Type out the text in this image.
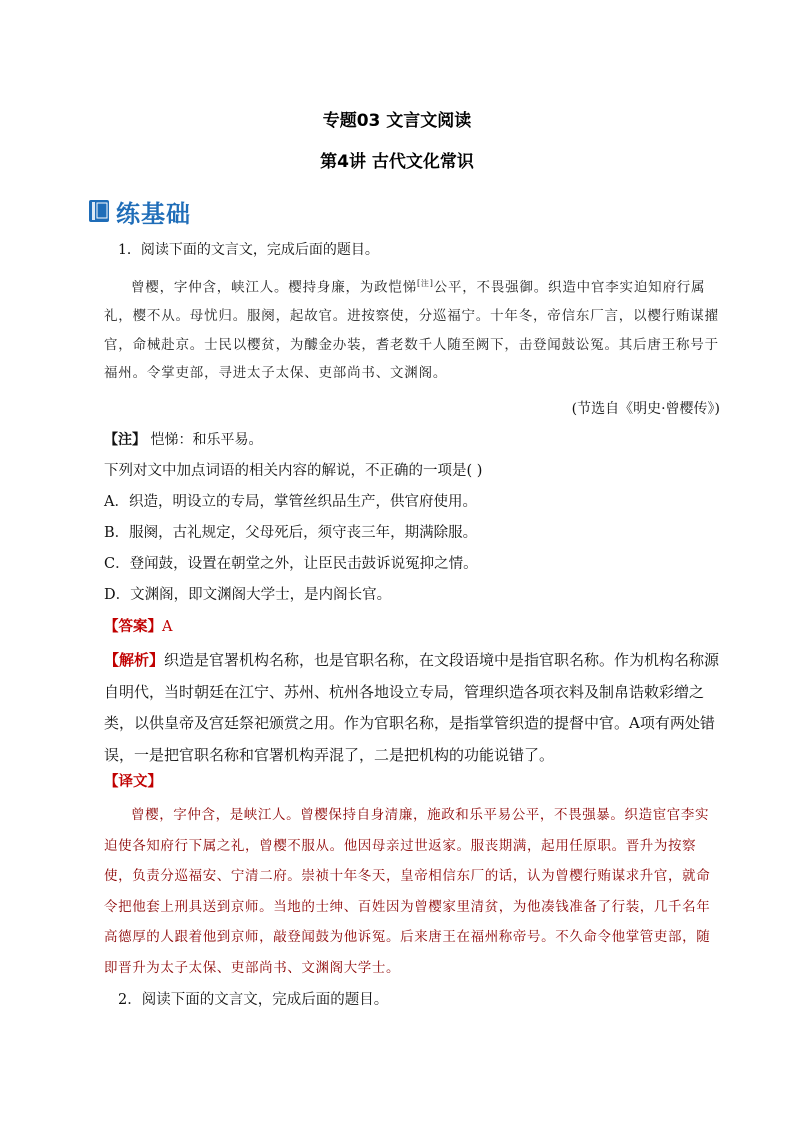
专题03 文言文阅读
第4讲 古代文化常识
练基础
1．阅读下面的文言文，完成后面的题目。
曾樱，字仲含，峡江人。樱持身廉，为政恺悌[注]公平，不畏强御。织造中官李实迫知府行属礼，樱不从。母忧归。服阕，起故官。进按察使，分巡福宁。十年冬，帝信东厂言，以樱行贿谋擢官，命械赴京。士民以樱贫，为醵金办装，耆老数千人随至阙下，击登闻鼓讼冤。其后唐王称号于福州。令掌吏部，寻进太子太保、吏部尚书、文渊阁。
(节选自《明史·曾樱传》)
【注】 恺悌：和乐平易。
下列对文中加点词语的相关内容的解说，不正确的一项是( )
A．织造，明设立的专局，掌管丝织品生产，供官府使用。
B．服阕，古礼规定，父母死后，须守丧三年，期满除服。
C．登闻鼓，设置在朝堂之外，让臣民击鼓诉说冤抑之情。
D．文渊阁，即文渊阁大学士，是内阁长官。
【答案】A
【解析】织造是官署机构名称，也是官职名称，在文段语境中是指官职名称。作为机构名称源自明代，当时朝廷在江宁、苏州、杭州各地设立专局，管理织造各项衣料及制帛诰敕彩缯之类，以供皇帝及宫廷祭祀颁赏之用。作为官职名称，是指掌管织造的提督中官。A项有两处错误，一是把官职名称和官署机构弄混了，二是把机构的功能说错了。
【译文】
曾樱，字仲含，是峡江人。曾樱保持自身清廉，施政和乐平易公平，不畏强暴。织造宦官李实迫使各知府行下属之礼，曾樱不服从。他因母亲过世返家。服丧期满，起用任原职。晋升为按察使，负责分巡福安、宁清二府。崇祯十年冬天，皇帝相信东厂的话，认为曾樱行贿谋求升官，就命令把他套上刑具送到京师。当地的士绅、百姓因为曾樱家里清贫，为他凑钱准备了行装，几千名年高德厚的人跟着他到京师，敲登闻鼓为他诉冤。后来唐王在福州称帝号。不久命令他掌管吏部，随即晋升为太子太保、吏部尚书、文渊阁大学士。
2．阅读下面的文言文，完成后面的题目。
